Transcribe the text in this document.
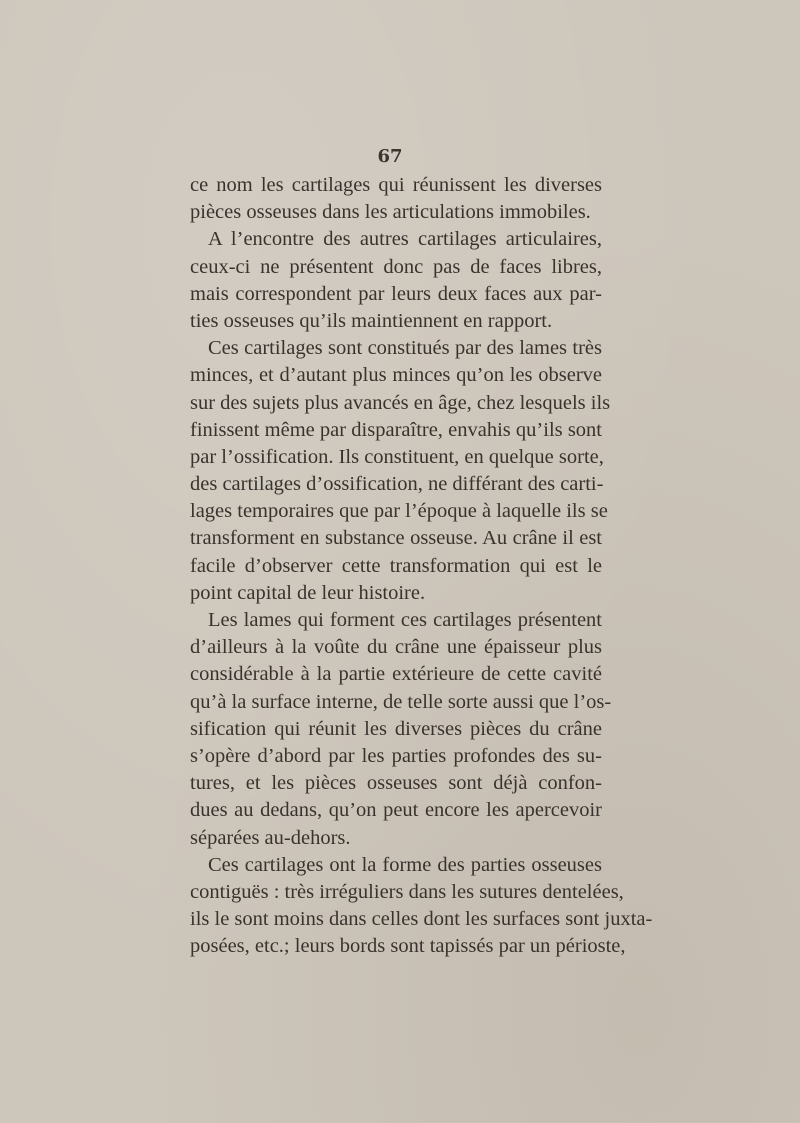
67
ce nom les cartilages qui réunissent les diverses
pièces osseuses dans les articulations immobiles.
A l’encontre des autres cartilages articulaires,
ceux-ci ne présentent donc pas de faces libres,
mais correspondent par leurs deux faces aux par-
ties osseuses qu’ils maintiennent en rapport.
Ces cartilages sont constitués par des lames très
minces, et d’autant plus minces qu’on les observe
sur des sujets plus avancés en âge, chez lesquels ils
finissent même par disparaître, envahis qu’ils sont
par l’ossification. Ils constituent, en quelque sorte,
des cartilages d’ossification, ne différant des carti-
lages temporaires que par l’époque à laquelle ils se
transforment en substance osseuse. Au crâne il est
facile d’observer cette transformation qui est le
point capital de leur histoire.
Les lames qui forment ces cartilages présentent
d’ailleurs à la voûte du crâne une épaisseur plus
considérable à la partie extérieure de cette cavité
qu’à la surface interne, de telle sorte aussi que l’os-
sification qui réunit les diverses pièces du crâne
s’opère d’abord par les parties profondes des su-
tures, et les pièces osseuses sont déjà confon-
dues au dedans, qu’on peut encore les apercevoir
séparées au-dehors.
Ces cartilages ont la forme des parties osseuses
contiguës : très irréguliers dans les sutures dentelées,
ils le sont moins dans celles dont les surfaces sont juxta-
posées, etc.; leurs bords sont tapissés par un périoste,
